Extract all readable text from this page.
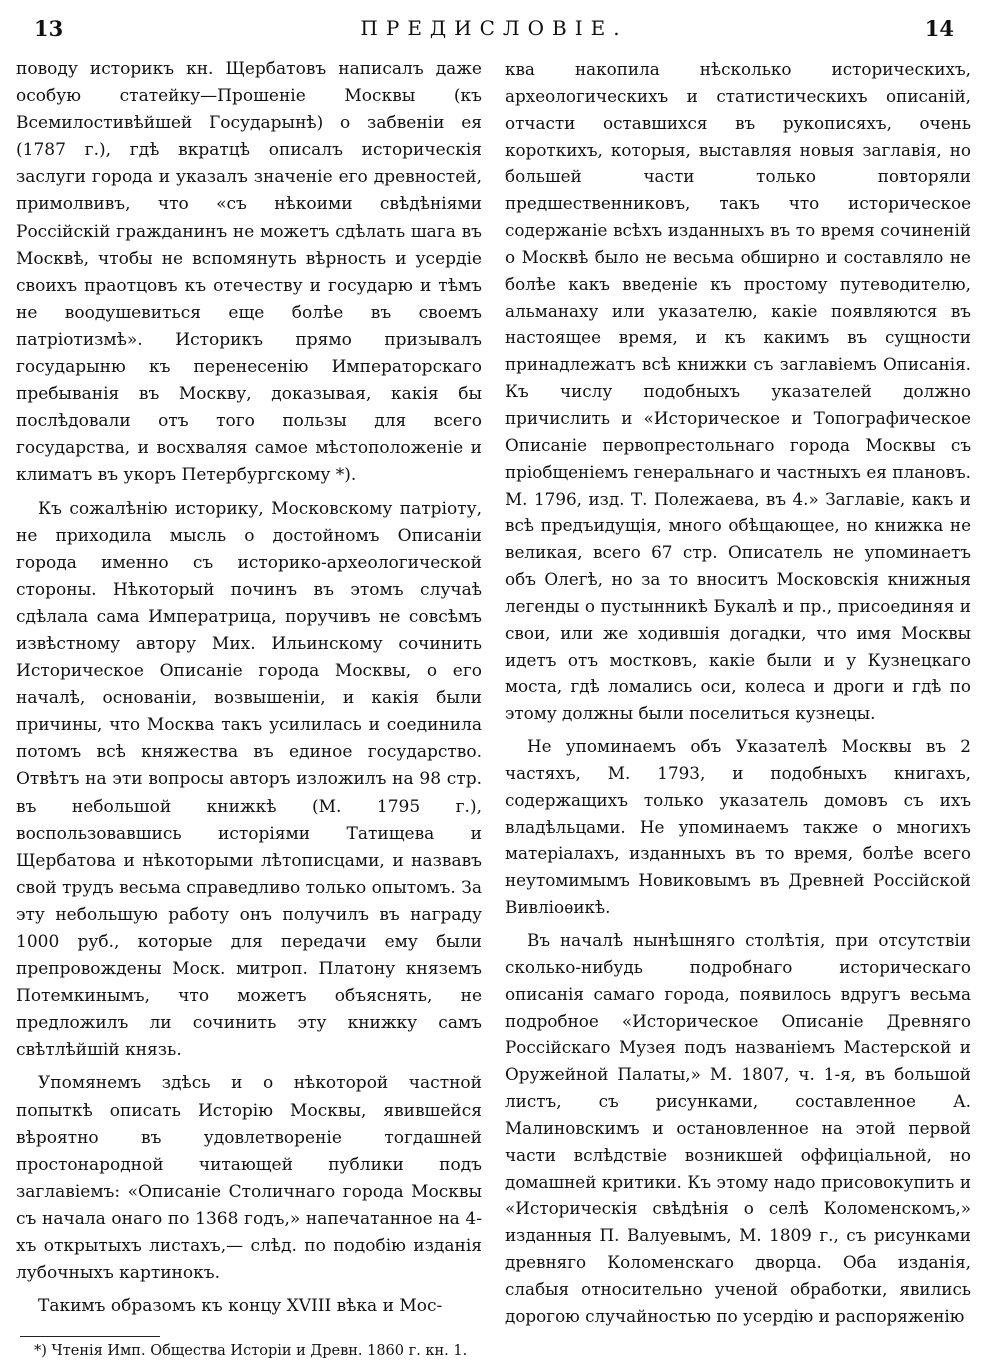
13	ПРЕДИСЛОВІЕ.	14

поводу историкъ кн. Щербатовъ написалъ даже особую статейку—Прошеніе Москвы (къ Всемилостивѣйшей Государынѣ) о забвеніи ея (1787 г.), гдѣ вкратцѣ описалъ историческія заслуги города и указалъ значеніе его древностей, примолвивъ, что «съ нѣкоими свѣдѣніями Россійскій гражданинъ не можетъ сдѣлать шага въ Москвѣ, чтобы не вспомянуть вѣрность и усердіе своихъ праотцовъ къ отечеству и государю и тѣмъ не воодушевиться еще болѣе въ своемъ патріотизмѣ». Историкъ прямо призывалъ государыню къ перенесенію Императорскаго пребыванія въ Москву, доказывая, какія бы послѣдовали отъ того пользы для всего государства, и восхваляя самое мѣстоположеніе и климатъ въ укоръ Петербургскому *).

Къ сожалѣнію историку, Московскому патріоту, не приходила мысль о достойномъ Описаніи города именно съ историко-археологической стороны. Нѣкоторый починъ въ этомъ случаѣ сдѣлала сама Императрица, поручивъ не совсѣмъ извѣстному автору Мих. Ильинскому сочинить Историческое Описаніе города Москвы, о его началѣ, основаніи, возвышеніи, и какія были причины, что Москва такъ усилилась и соединила потомъ всѣ княжества въ единое государство. Отвѣтъ на эти вопросы авторъ изложилъ на 98 стр. въ небольшой книжкѣ (М. 1795 г.), воспользовавшись исторіями Татищева и Щербатова и нѣкоторыми лѣтописцами, и назвавъ свой трудъ весьма справедливо только опытомъ. За эту небольшую работу онъ получилъ въ награду 1000 руб., которые для передачи ему были препровождены Моск. митроп. Платону княземъ Потемкинымъ, что можетъ объяснять, не предложилъ ли сочинить эту книжку самъ свѣтлѣйшій князь.

Упомянемъ здѣсь и о нѣкоторой частной попыткѣ описать Исторію Москвы, явившейся вѣроятно въ удовлетвореніе тогдашней простонародной читающей публики подъ заглавіемъ: «Описаніе Столичнаго города Москвы съ начала онаго по 1368 годъ,» напечатанное на 4-хъ открытыхъ листахъ,— слѣд. по подобію изданія лубочныхъ картинокъ.

Такимъ образомъ къ концу XVIII вѣка и Мос-

ква накопила нѣсколько историческихъ, археологическихъ и статистическихъ описаній, отчасти оставшихся въ рукописяхъ, очень короткихъ, которыя, выставляя новыя заглавія, но большей части только повторяли предшественниковъ, такъ что историческое содержаніе всѣхъ изданныхъ въ то время сочиненій о Москвѣ было не весьма обширно и составляло не болѣе какъ введеніе къ простому путеводителю, альманаху или указателю, какіе появляются въ настоящее время, и къ какимъ въ сущности принадлежатъ всѣ книжки съ заглавіемъ Описанія. Къ числу подобныхъ указателей должно причислить и «Историческое и Топографическое Описаніе первопрестольнаго города Москвы съ пріобщеніемъ генеральнаго и частныхъ ея плановъ. М. 1796, изд. Т. Полежаева, въ 4.» Заглавіе, какъ и всѣ предъидущія, много обѣщающее, но книжка не великая, всего 67 стр. Описатель не упоминаетъ объ Олегѣ, но за то вноситъ Московскія книжныя легенды о пустынникѣ Букалѣ и пр., присоединяя и свои, или же ходившія догадки, что имя Москвы идетъ отъ мостковъ, какіе были и у Кузнецкаго моста, гдѣ ломались оси, колеса и дроги и гдѣ по этому должны были поселиться кузнецы.

Не упоминаемъ объ Указателѣ Москвы въ 2 частяхъ, М. 1793, и подобныхъ книгахъ, содержащихъ только указатель домовъ съ ихъ владѣльцами. Не упоминаемъ также о многихъ матеріалахъ, изданныхъ въ то время, болѣе всего неутомимымъ Новиковымъ въ Древней Россійской Вивліоѳикѣ.

Въ началѣ нынѣшняго столѣтія, при отсутствіи сколько-нибудь подробнаго историческаго описанія самаго города, появилось вдругъ весьма подробное «Историческое Описаніе Древняго Россійскаго Музея подъ названіемъ Мастерской и Оружейной Палаты,» М. 1807, ч. 1-я, въ большой листъ, съ рисунками, составленное А. Малиновскимъ и остановленное на этой первой части вслѣдствіе возникшей оффиціальной, но домашней критики. Къ этому надо присовокупить и «Историческія свѣдѣнія о селѣ Коломенскомъ,» изданныя П. Валуевымъ, М. 1809 г., съ рисунками древняго Коломенскаго дворца. Оба изданія, слабыя относительно ученой обработки, явились дорогою случайностью по усердію и распоряженію

*) Чтенія Имп. Общества Исторіи и Древн. 1860 г. кн. 1.
